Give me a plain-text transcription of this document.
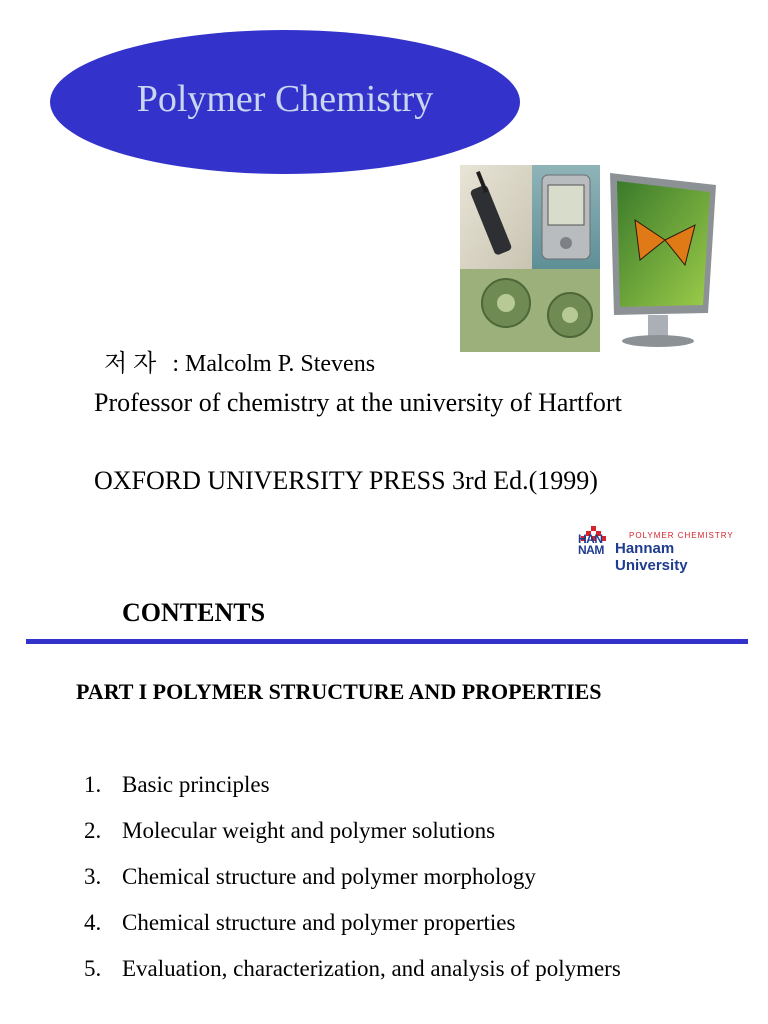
Polymer Chemistry
저 자 : Malcolm P. Stevens
Professor of chemistry at the university of Hartfort
OXFORD UNIVERSITY PRESS 3rd Ed.(1999)
HAN
NAM
POLYMER CHEMISTRY
Hannam University
CONTENTS
PART I POLYMER STRUCTURE AND PROPERTIES
1. Basic principles
2. Molecular weight and polymer solutions
3. Chemical structure and polymer morphology
4. Chemical structure and polymer properties
5. Evaluation, characterization, and analysis of polymers
